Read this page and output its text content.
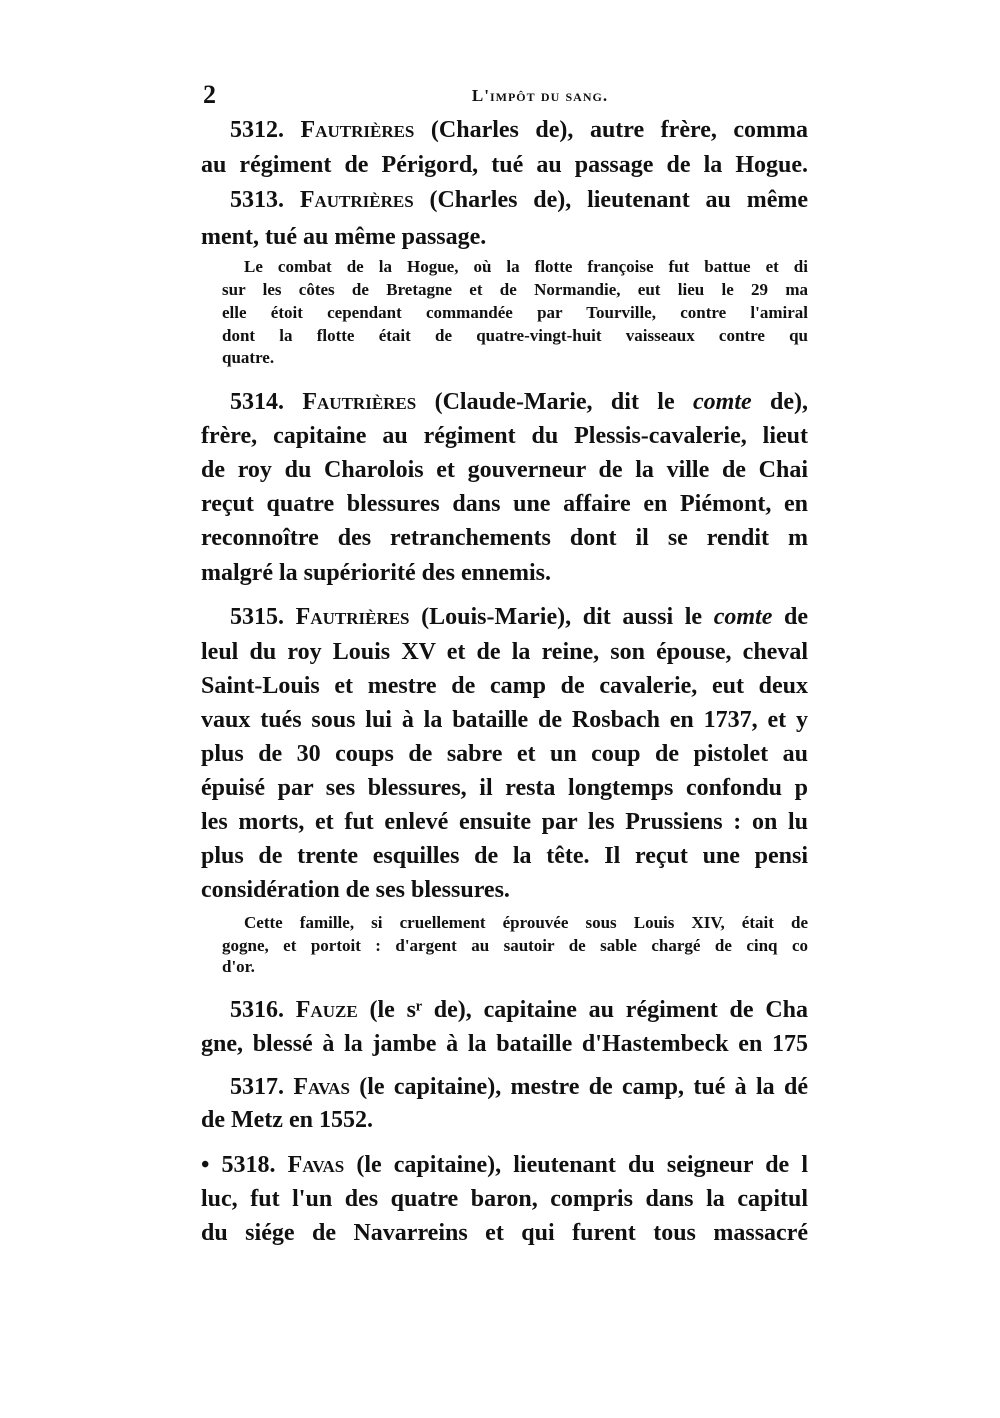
2	L'impôt du sang.
5312. Fautrières (Charles de), autre frère, comma
au régiment de Périgord, tué au passage de la Hogue.
5313. Fautrières (Charles de), lieutenant au même
ment, tué au même passage.
Le combat de la Hogue, où la flotte françoise fut battue et di
sur les côtes de Bretagne et de Normandie, eut lieu le 29 ma
elle étoit cependant commandée par Tourville, contre l'amiral
dont la flotte était de quatre-vingt-huit vaisseaux contre qu
quatre.
5314. Fautrières (Claude-Marie, dit le comte de),
frère, capitaine au régiment du Plessis-cavalerie, lieut
de roy du Charolois et gouverneur de la ville de Chai
reçut quatre blessures dans une affaire en Piémont, en
reconnoître des retranchements dont il se rendit m
malgré la supériorité des ennemis.
5315. Fautrières (Louis-Marie), dit aussi le comte de
leul du roy Louis XV et de la reine, son épouse, cheval
Saint-Louis et mestre de camp de cavalerie, eut deux
vaux tués sous lui à la bataille de Rosbach en 1737, et y
plus de 30 coups de sabre et un coup de pistolet au
épuisé par ses blessures, il resta longtemps confondu p
les morts, et fut enlevé ensuite par les Prussiens : on lu
plus de trente esquilles de la tête. Il reçut une pensi
considération de ses blessures.
Cette famille, si cruellement éprouvée sous Louis XIV, était de
gogne, et portoit : d'argent au sautoir de sable chargé de cinq co
d'or.
5316. Fauze (le sʳ de), capitaine au régiment de Cha
gne, blessé à la jambe à la bataille d'Hastembeck en 175
5317. Favas (le capitaine), mestre de camp, tué à la dé
de Metz en 1552.
• 5318. Favas (le capitaine), lieutenant du seigneur de l
luc, fut l'un des quatre baron, compris dans la capitul
du siége de Navarreins et qui furent tous massacré
